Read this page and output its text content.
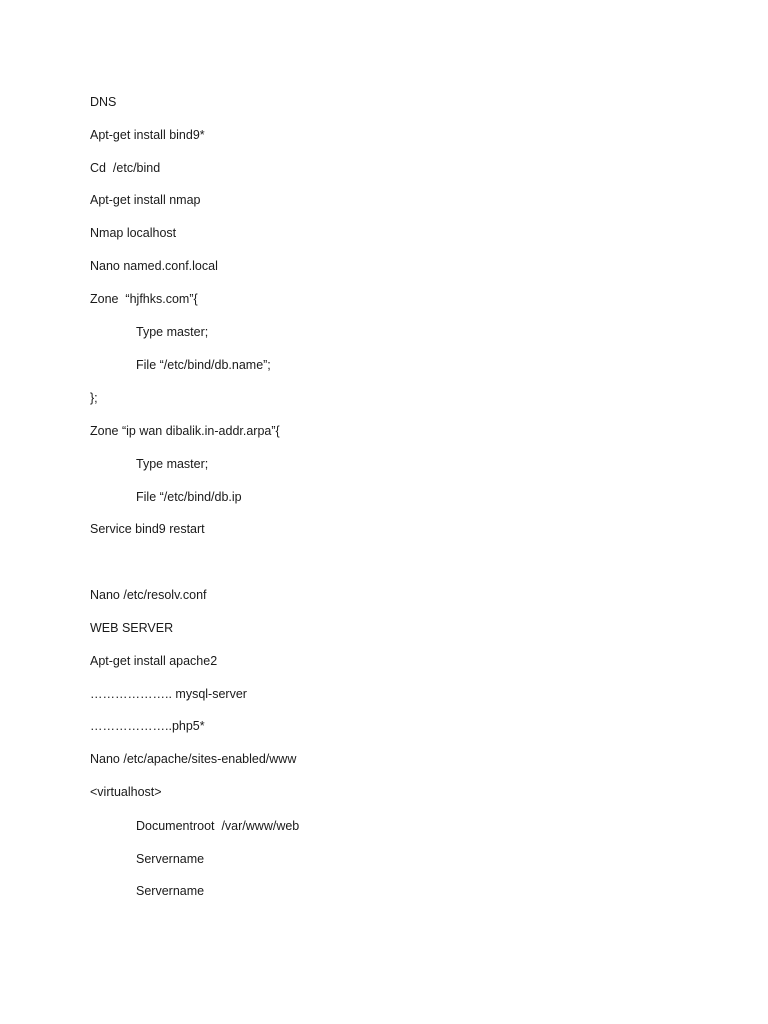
DNS
Apt-get install bind9*
Cd  /etc/bind
Apt-get install nmap
Nmap localhost
Nano named.conf.local
Zone  “hjfhks.com”{
Type master;
File “/etc/bind/db.name”;
};
Zone “ip wan dibalik.in-addr.arpa”{
Type master;
File “/etc/bind/db.ip
Service bind9 restart
Nano /etc/resolv.conf
WEB SERVER
Apt-get install apache2
……………….. mysql-server
………………..php5*
Nano /etc/apache/sites-enabled/www
<virtualhost>
Documentroot  /var/www/web
Servername
Servername
